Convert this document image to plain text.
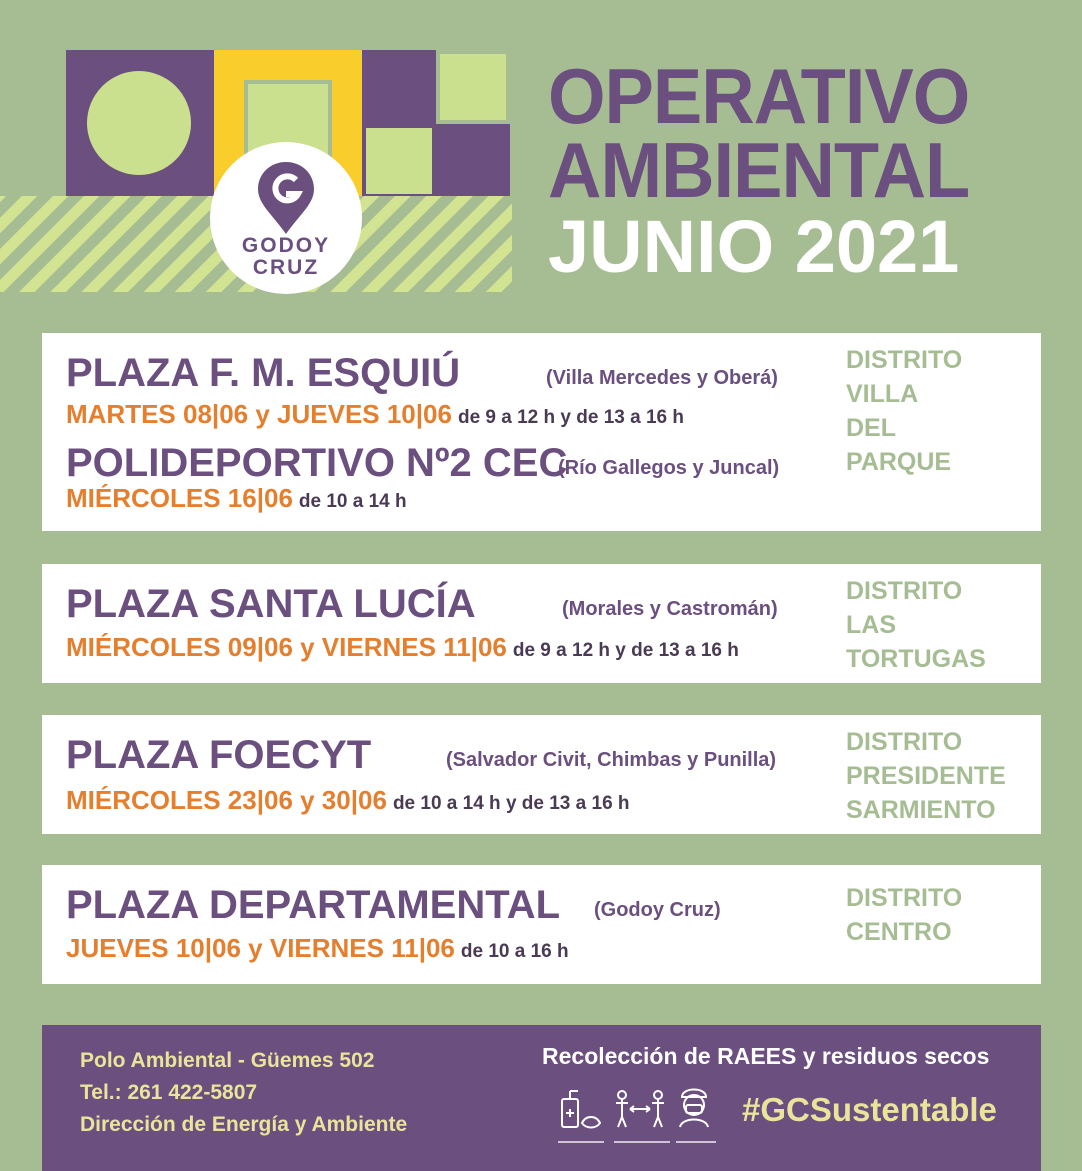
GODOY
CRUZ
OPERATIVO
AMBIENTAL
JUNIO 2021
PLAZA F. M. ESQUIÚ	(Villa Mercedes y Oberá)
MARTES 08|06 y JUEVES 10|06 de 9 a 12 h y de 13 a 16 h
POLIDEPORTIVO Nº2 CEC
(Río Gallegos y Juncal)
MIÉRCOLES 16|06 de 10 a 14 h
DISTRITO
VILLA
DEL
PARQUE
PLAZA SANTA LUCÍA	(Morales y Castromán)
MIÉRCOLES 09|06 y VIERNES 11|06 de 9 a 12 h y de 13 a 16 h
DISTRITO
LAS
TORTUGAS
PLAZA FOECYT	(Salvador Civit, Chimbas y Punilla)
MIÉRCOLES 23|06 y 30|06 de 10 a 14 h y de 13 a 16 h
DISTRITO
PRESIDENTE
SARMIENTO
PLAZA DEPARTAMENTAL (Godoy Cruz)
JUEVES 10|06 y VIERNES 11|06 de 10 a 16 h
DISTRITO
CENTRO
Polo Ambiental - Güemes 502
Tel.: 261 422-5807
Dirección de Energía y Ambiente
Recolección de RAEES y residuos secos
#GCSustentable
